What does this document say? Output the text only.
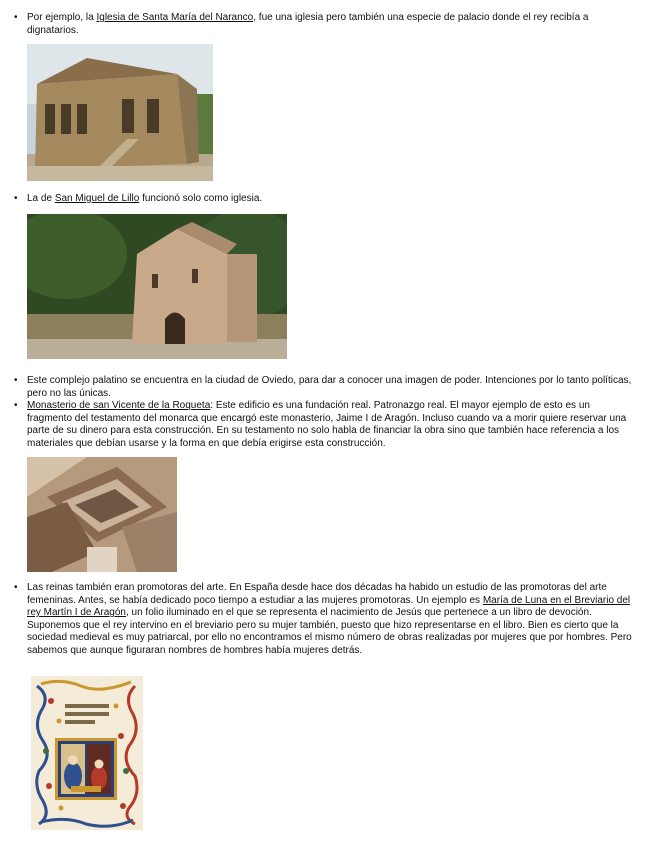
• Por ejemplo, la Iglesia de Santa María del Naranco, fue una iglesia pero también una especie de palacio donde el rey recibía a dignatarios.
• La de San Miguel de Lillo funcionó solo como iglesia.
• Este complejo palatino se encuentra en la ciudad de Oviedo, para dar a conocer una imagen de poder. Intenciones por lo tanto políticas, pero no las únicas.
• Monasterio de san Vicente de la Roqueta: Este edificio es una fundación real. Patronazgo real. El mayor ejemplo de esto es un fragmento del testamento del monarca que encargó este monasterio, Jaime I de Aragón. Incluso cuando va a morir quiere reservar una parte de su dinero para esta construcción. En su testamento no solo habla de financiar la obra sino que también hace referencia a los materiales que debían usarse y la forma en que debía erigirse esta construcción.
• Las reinas también eran promotoras del arte. En España desde hace dos décadas ha habido un estudio de las promotoras del arte femeninas. Antes, se había dedicado poco tiempo a estudiar a las mujeres promotoras. Un ejemplo es María de Luna en el Breviario del rey Martín I de Aragón, un folio iluminado en el que se representa el nacimiento de Jesús que pertenece a un libro de devoción. Suponemos que el rey intervino en el breviario pero su mujer también, puesto que hizo representarse en el libro. Bien es cierto que la sociedad medieval es muy patriarcal, por ello no encontramos el mismo número de obras realizadas por mujeres que por hombres. Pero sabemos que aunque figuraran nombres de hombres había mujeres detrás.
